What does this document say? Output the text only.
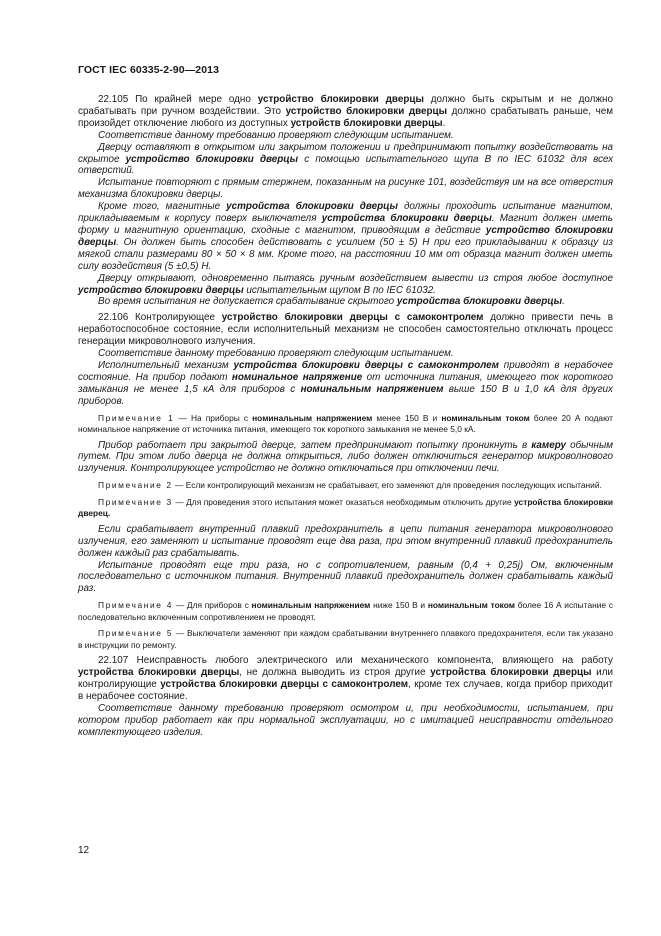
ГОСТ IEC 60335-2-90—2013

22.105 По крайней мере одно устройство блокировки дверцы должно быть скрытым и не должно срабатывать при ручном воздействии. Это устройство блокировки дверцы должно срабатывать раньше, чем произойдет отключение любого из доступных устройств блокировки дверцы.

Соответствие данному требованию проверяют следующим испытанием.

Дверцу оставляют в открытом или закрытом положении и предпринимают попытку воздействовать на скрытое устройство блокировки дверцы с помощью испытательного щупа B по IEC 61032 для всех отверстий.

Испытание повторяют с прямым стержнем, показанным на рисунке 101, воздействуя им на все отверстия механизма блокировки дверцы.

Кроме того, магнитные устройства блокировки дверцы должны проходить испытание магнитом, прикладываемым к корпусу поверх выключателя устройства блокировки дверцы. Магнит должен иметь форму и магнитную ориентацию, сходные с магнитом, приводящим в действие устройство блокировки дверцы. Он должен быть способен действовать с усилием (50 ± 5) Н при его прикладывании к образцу из мягкой стали размерами 80 × 50 × 8 мм. Кроме того, на расстоянии 10 мм от образца магнит должен иметь силу воздействия (5 ±0,5) Н.

Дверцу открывают, одновременно пытаясь ручным воздействием вывести из строя любое доступное устройство блокировки дверцы испытательным щупом B по IEC 61032.

Во время испытания не допускается срабатывание скрытого устройства блокировки дверцы.

22.106 Контролирующее устройство блокировки дверцы с самоконтролем должно привести печь в неработоспособное состояние, если исполнительный механизм не способен самостоятельно отключать процесс генерации микроволнового излучения.

Соответствие данному требованию проверяют следующим испытанием.

Исполнительный механизм устройства блокировки дверцы с самоконтролем приводят в нерабочее состояние. На прибор подают номинальное напряжение от источника питания, имеющего ток короткого замыкания не менее 1,5 кА для приборов с номинальным напряжением выше 150 В и 1,0 кА для других приборов.

Примечание 1 — На приборы с номинальным напряжением менее 150 В и номинальным током более 20 А подают номинальное напряжение от источника питания, имеющего ток короткого замыкания не менее 5,0 кА.

Прибор работает при закрытой дверце, затем предпринимают попытку проникнуть в камеру обычным путем. При этом либо дверца не должна открыться, либо должен отключиться генератор микроволнового излучения. Контролирующее устройство не должно отключаться при отключении печи.

Примечание 2 — Если контролирующий механизм не срабатывает, его заменяют для проведения последующих испытаний.

Примечание 3 — Для проведения этого испытания может оказаться необходимым отключить другие устройства блокировки дверец.

Если срабатывает внутренний плавкий предохранитель в цепи питания генератора микроволнового излучения, его заменяют и испытание проводят еще два раза, при этом внутренний плавкий предохранитель должен каждый раз срабатывать.

Испытание проводят еще три раза, но с сопротивлением, равным (0,4 + 0,25j) Ом, включенным последовательно с источником питания. Внутренний плавкий предохранитель должен срабатывать каждый раз.

Примечание 4 — Для приборов с номинальным напряжением ниже 150 В и номинальным током более 16 А испытание с последовательно включенным сопротивлением не проводят.

Примечание 5 — Выключатели заменяют при каждом срабатывании внутреннего плавкого предохранителя, если так указано в инструкции по ремонту.

22.107 Неисправность любого электрического или механического компонента, влияющего на работу устройства блокировки дверцы, не должна выводить из строя другие устройства блокировки дверцы или контролирующие устройства блокировки дверцы с самоконтролем, кроме тех случаев, когда прибор приходит в нерабочее состояние.

Соответствие данному требованию проверяют осмотром и, при необходимости, испытанием, при котором прибор работает как при нормальной эксплуатации, но с имитацией неисправности отдельного комплектующего изделия.

12
